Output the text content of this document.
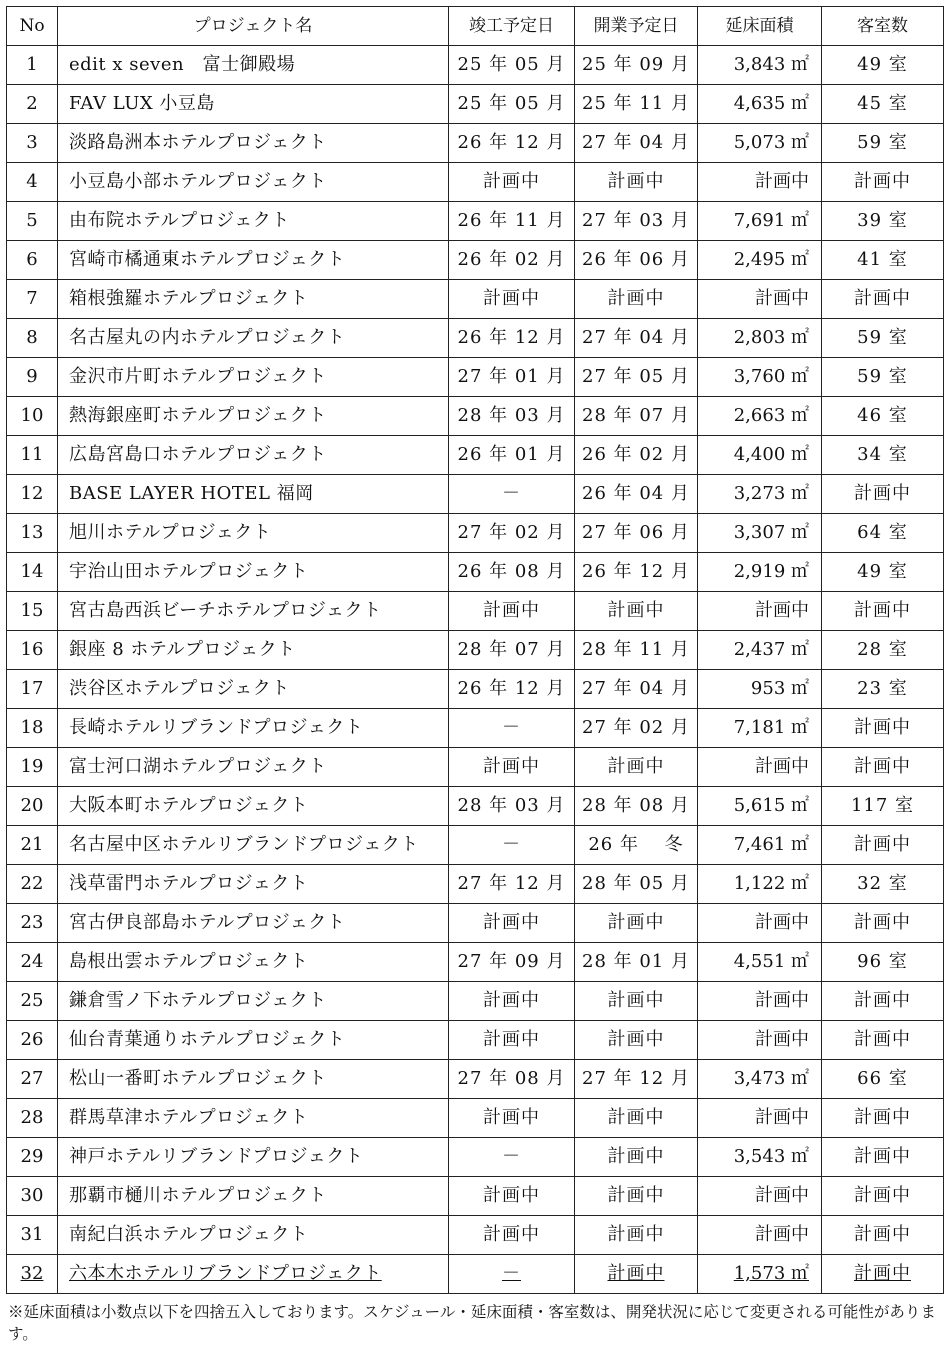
No	プロジェクト名	竣工予定日	開業予定日	延床面積	客室数
1	edit x seven　富士御殿場	25 年 05 月	25 年 09 月	3,843 ㎡	49 室
2	FAV LUX 小豆島	25 年 05 月	25 年 11 月	4,635 ㎡	45 室
3	淡路島洲本ホテルプロジェクト	26 年 12 月	27 年 04 月	5,073 ㎡	59 室
4	小豆島小部ホテルプロジェクト	計画中	計画中	計画中	計画中
5	由布院ホテルプロジェクト	26 年 11 月	27 年 03 月	7,691 ㎡	39 室
6	宮崎市橘通東ホテルプロジェクト	26 年 02 月	26 年 06 月	2,495 ㎡	41 室
7	箱根強羅ホテルプロジェクト	計画中	計画中	計画中	計画中
8	名古屋丸の内ホテルプロジェクト	26 年 12 月	27 年 04 月	2,803 ㎡	59 室
9	金沢市片町ホテルプロジェクト	27 年 01 月	27 年 05 月	3,760 ㎡	59 室
10	熱海銀座町ホテルプロジェクト	28 年 03 月	28 年 07 月	2,663 ㎡	46 室
11	広島宮島口ホテルプロジェクト	26 年 01 月	26 年 02 月	4,400 ㎡	34 室
12	BASE LAYER HOTEL 福岡	－	26 年 04 月	3,273 ㎡	計画中
13	旭川ホテルプロジェクト	27 年 02 月	27 年 06 月	3,307 ㎡	64 室
14	宇治山田ホテルプロジェクト	26 年 08 月	26 年 12 月	2,919 ㎡	49 室
15	宮古島西浜ビーチホテルプロジェクト	計画中	計画中	計画中	計画中
16	銀座 8 ホテルプロジェクト	28 年 07 月	28 年 11 月	2,437 ㎡	28 室
17	渋谷区ホテルプロジェクト	26 年 12 月	27 年 04 月	953 ㎡	23 室
18	長崎ホテルリブランドプロジェクト	－	27 年 02 月	7,181 ㎡	計画中
19	富士河口湖ホテルプロジェクト	計画中	計画中	計画中	計画中
20	大阪本町ホテルプロジェクト	28 年 03 月	28 年 08 月	5,615 ㎡	117 室
21	名古屋中区ホテルリブランドプロジェクト	－	26 年　 冬	7,461 ㎡	計画中
22	浅草雷門ホテルプロジェクト	27 年 12 月	28 年 05 月	1,122 ㎡	32 室
23	宮古伊良部島ホテルプロジェクト	計画中	計画中	計画中	計画中
24	島根出雲ホテルプロジェクト	27 年 09 月	28 年 01 月	4,551 ㎡	96 室
25	鎌倉雪ノ下ホテルプロジェクト	計画中	計画中	計画中	計画中
26	仙台青葉通りホテルプロジェクト	計画中	計画中	計画中	計画中
27	松山一番町ホテルプロジェクト	27 年 08 月	27 年 12 月	3,473 ㎡	66 室
28	群馬草津ホテルプロジェクト	計画中	計画中	計画中	計画中
29	神戸ホテルリブランドプロジェクト	－	計画中	3,543 ㎡	計画中
30	那覇市樋川ホテルプロジェクト	計画中	計画中	計画中	計画中
31	南紀白浜ホテルプロジェクト	計画中	計画中	計画中	計画中
32	六本木ホテルリブランドプロジェクト	－	計画中	1,573 ㎡	計画中
※延床面積は小数点以下を四捨五入しております。スケジュール・延床面積・客室数は、開発状況に応じて変更される可能性があります。
